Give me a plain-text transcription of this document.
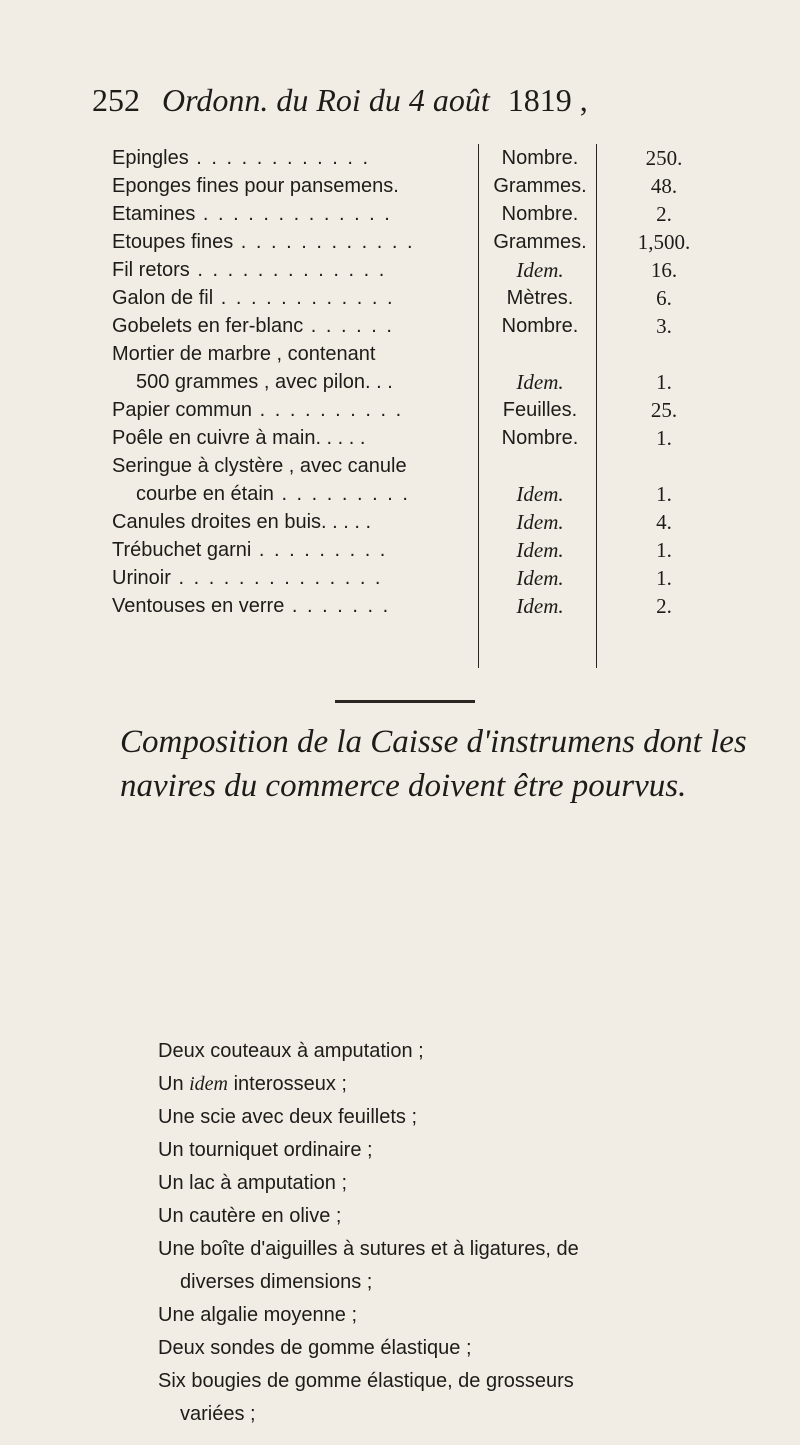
252 Ordonn. du Roi du 4 août 1819 ,
Epingles . . . . . . . . . . . .	Nombre.	250.
Eponges fines pour pansemens.	Grammes.	48.
Etamines . . . . . . . . . . . . .	Nombre.	2.
Etoupes fines . . . . . . . . . . . .	Grammes.	1,500.
Fil retors . . . . . . . . . . . . .	Idem.	16.
Galon de fil . . . . . . . . . . . .	Mètres.	6.
Gobelets en fer-blanc . . . . . .	Nombre.	3.
Mortier de marbre , contenant
500 grammes , avec pilon. . .	Idem.	1.
Papier commun . . . . . . . . . .	Feuilles.	25.
Poêle en cuivre à main. . . . .	Nombre.	1.
Seringue à clystère , avec canule
courbe en étain . . . . . . . . .	Idem.	1.
Canules droites en buis. . . . .	Idem.	4.
Trébuchet garni . . . . . . . . .	Idem.	1.
Urinoir . . . . . . . . . . . . . .	Idem.	1.
Ventouses en verre . . . . . . .	Idem.	2.
Composition de la Caisse d'instrumens dont les navires du commerce doivent être pourvus.
Deux couteaux à amputation ;
Un idem interosseux ;
Une scie avec deux feuillets ;
Un tourniquet ordinaire ;
Un lac à amputation ;
Un cautère en olive ;
Une boîte d'aiguilles à sutures et à ligatures, de
diverses dimensions ;
Une algalie moyenne ;
Deux sondes de gomme élastique ;
Six bougies de gomme élastique, de grosseurs
variées ;
